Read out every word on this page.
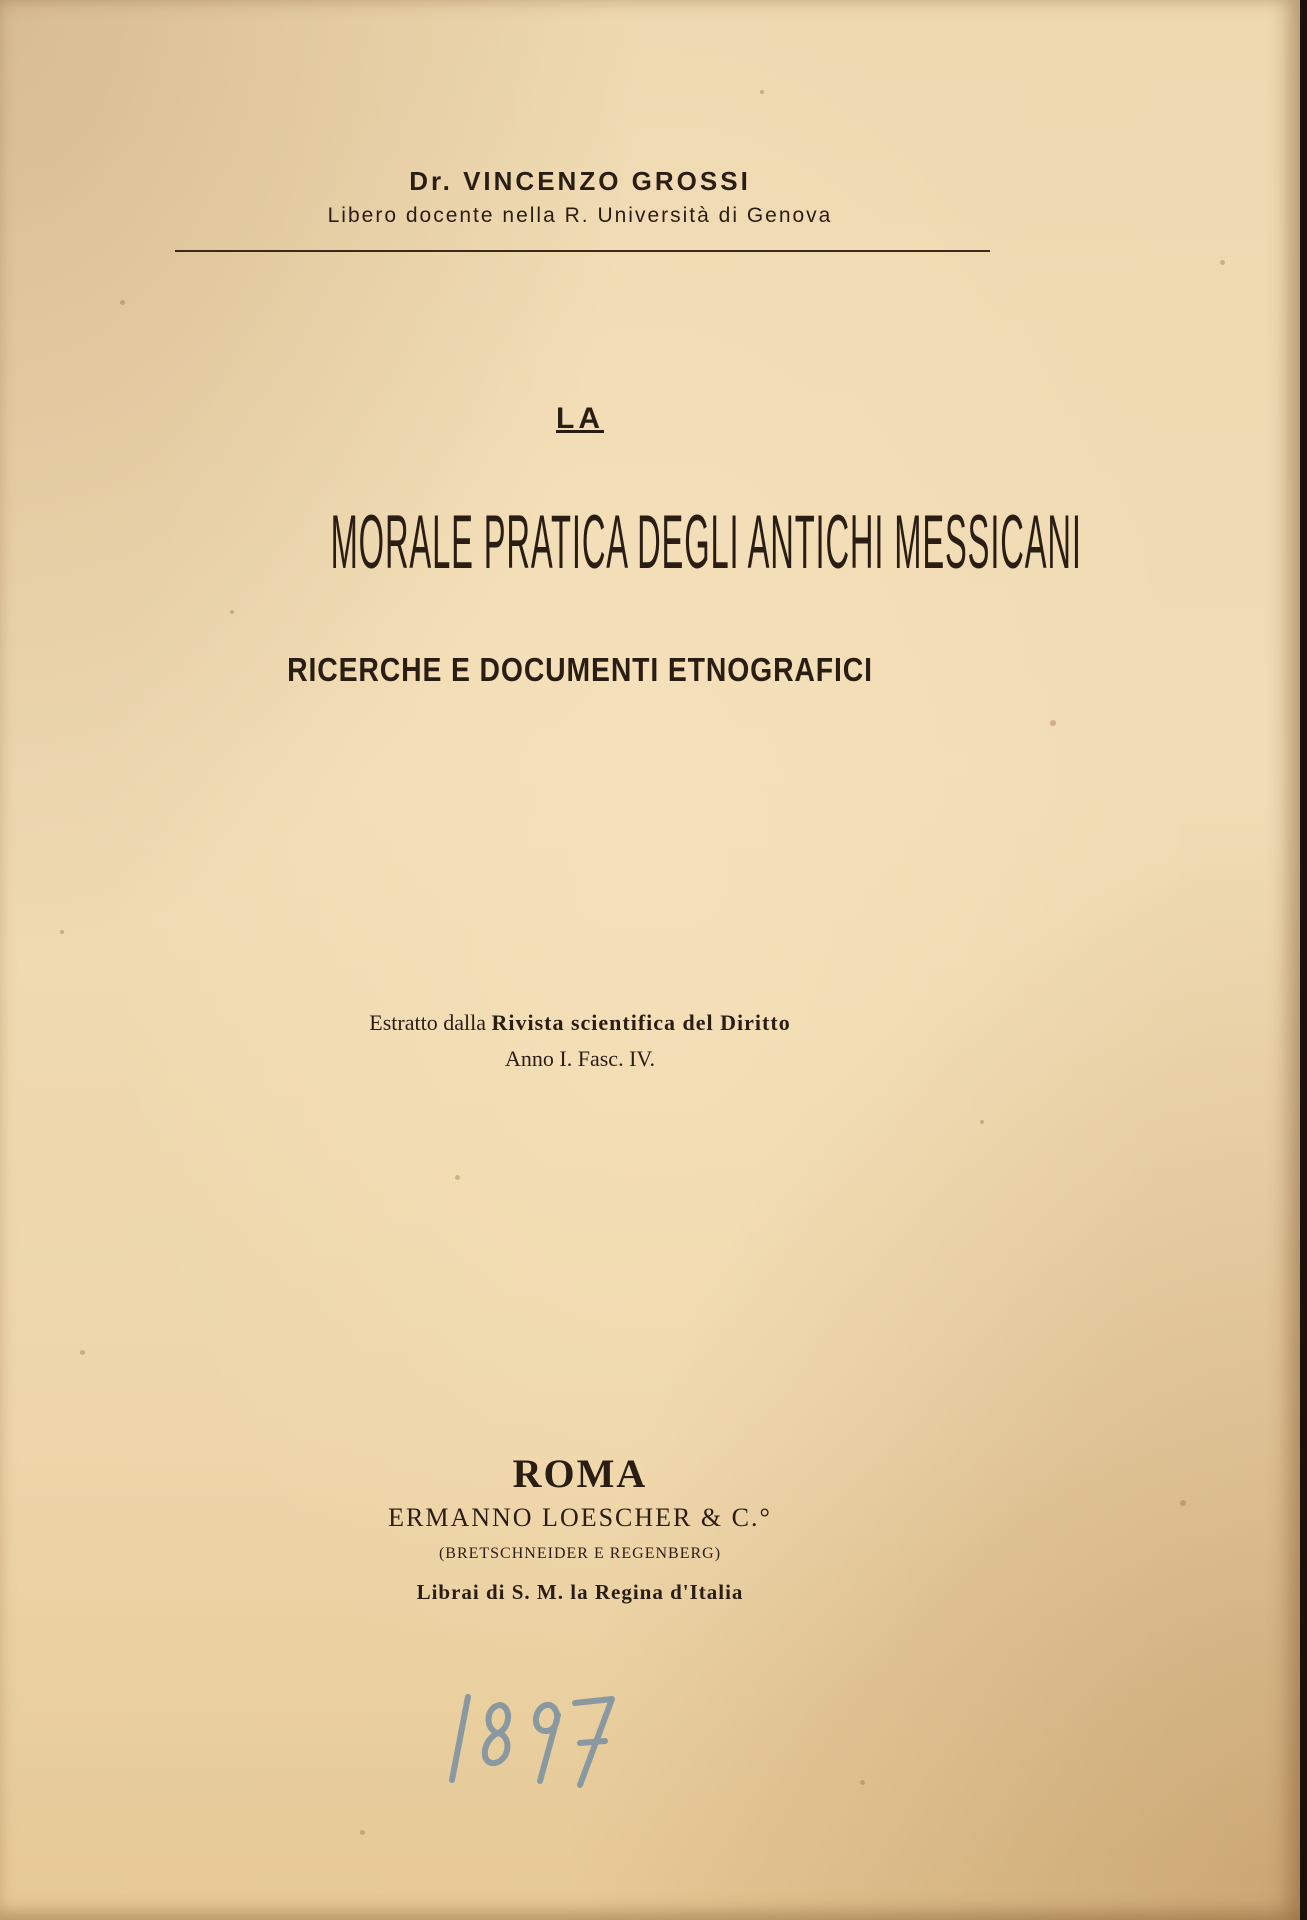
Dr. VINCENZO GROSSI
Libero docente nella R. Università di Genova
LA
MORALE PRATICA DEGLI ANTICHI MESSICANI
RICERCHE E DOCUMENTI ETNOGRAFICI
Estratto dalla Rivista scientifica del Diritto
Anno I. Fasc. IV.
ROMA
ERMANNO LOESCHER & C.°
(BRETSCHNEIDER E REGENBERG)
Librai di S. M. la Regina d'Italia
